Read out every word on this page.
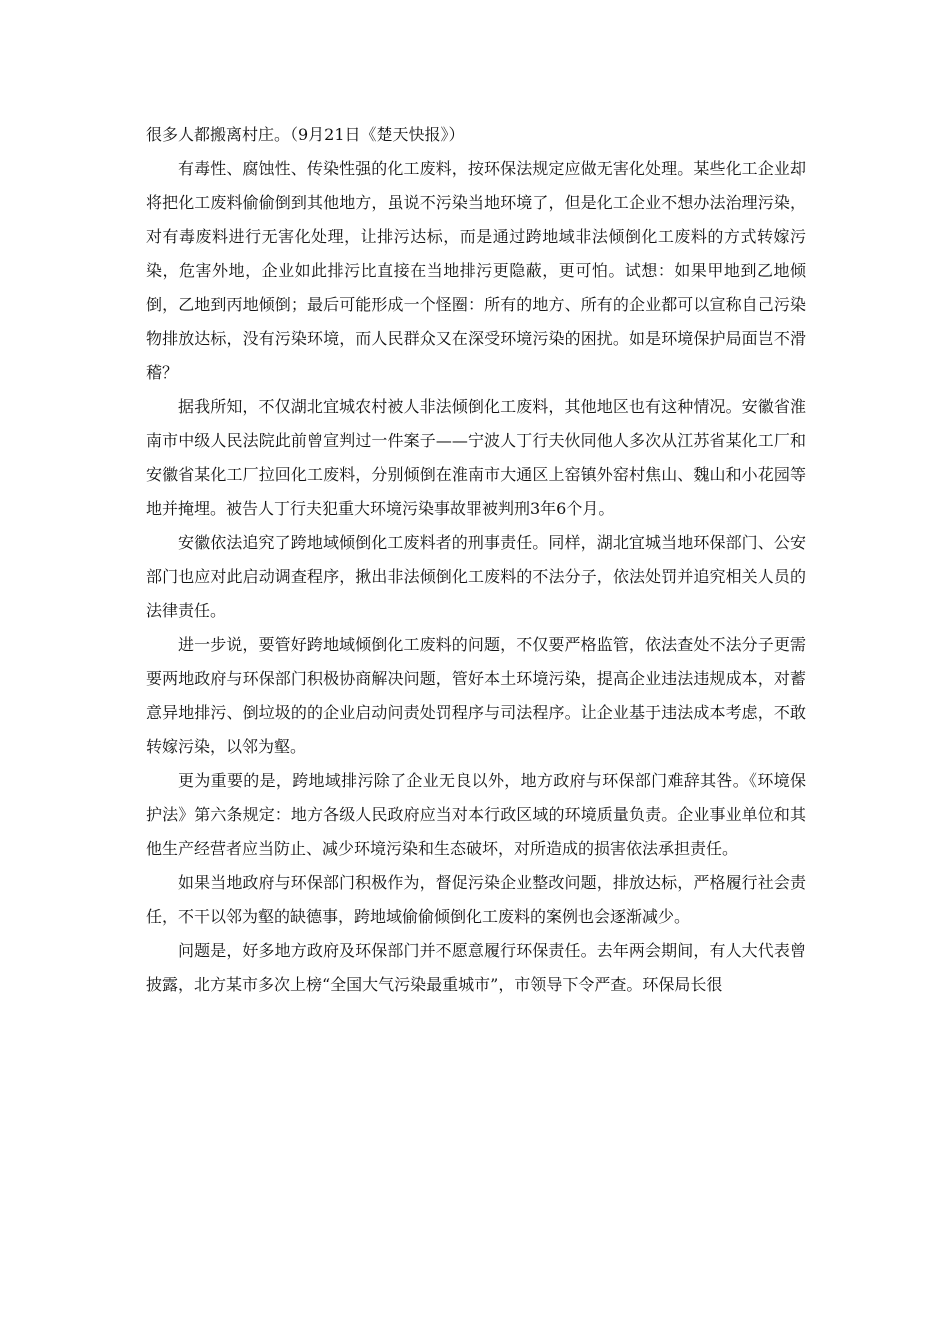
很多人都搬离村庄。（9月21日《楚天快报》）

有毒性、腐蚀性、传染性强的化工废料，按环保法规定应做无害化处理。某些化工企业却将把化工废料偷偷倒到其他地方，虽说不污染当地环境了，但是化工企业不想办法治理污染，对有毒废料进行无害化处理，让排污达标，而是通过跨地域非法倾倒化工废料的方式转嫁污染，危害外地，企业如此排污比直接在当地排污更隐蔽，更可怕。试想：如果甲地到乙地倾倒，乙地到丙地倾倒；最后可能形成一个怪圈：所有的地方、所有的企业都可以宣称自己污染物排放达标，没有污染环境，而人民群众又在深受环境污染的困扰。如是环境保护局面岂不滑稽？

据我所知，不仅湖北宜城农村被人非法倾倒化工废料，其他地区也有这种情况。安徽省淮南市中级人民法院此前曾宣判过一件案子——宁波人丁行夫伙同他人多次从江苏省某化工厂和安徽省某化工厂拉回化工废料，分别倾倒在淮南市大通区上窑镇外窑村焦山、魏山和小花园等地并掩埋。被告人丁行夫犯重大环境污染事故罪被判刑3年6个月。

安徽依法追究了跨地域倾倒化工废料者的刑事责任。同样，湖北宜城当地环保部门、公安部门也应对此启动调查程序，揪出非法倾倒化工废料的不法分子，依法处罚并追究相关人员的法律责任。

进一步说，要管好跨地域倾倒化工废料的问题，不仅要严格监管，依法查处不法分子更需要两地政府与环保部门积极协商解决问题，管好本土环境污染，提高企业违法违规成本，对蓄意异地排污、倒垃圾的的企业启动问责处罚程序与司法程序。让企业基于违法成本考虑，不敢转嫁污染，以邻为壑。

更为重要的是，跨地域排污除了企业无良以外，地方政府与环保部门难辞其咎。《环境保护法》第六条规定：地方各级人民政府应当对本行政区域的环境质量负责。企业事业单位和其他生产经营者应当防止、减少环境污染和生态破坏，对所造成的损害依法承担责任。

如果当地政府与环保部门积极作为，督促污染企业整改问题，排放达标，严格履行社会责任，不干以邻为壑的缺德事，跨地域偷偷倾倒化工废料的案例也会逐渐减少。

问题是，好多地方政府及环保部门并不愿意履行环保责任。去年两会期间，有人大代表曾披露，北方某市多次上榜“全国大气污染最重城市”，市领导下令严查。环保局长很
